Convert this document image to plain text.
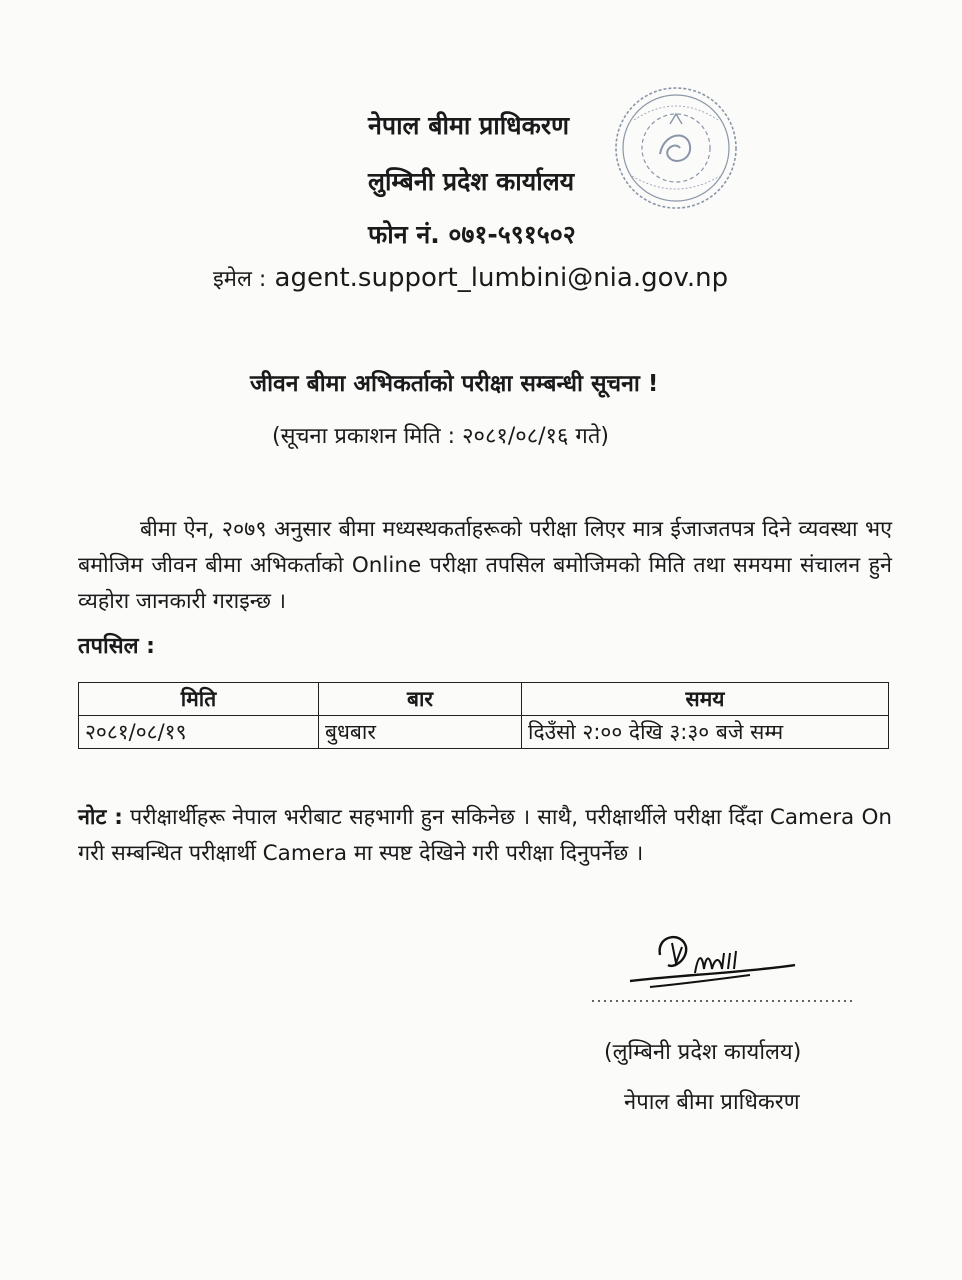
नेपाल बीमा प्राधिकरण
लुम्बिनी प्रदेश कार्यालय
फोन नं. ०७१-५९१५०२
इमेल : agent.support_lumbini@nia.gov.np
जीवन बीमा अभिकर्ताको परीक्षा सम्बन्धी सूचना !
(सूचना प्रकाशन मिति : २०८१/०८/१६ गते)
बीमा ऐन, २०७९ अनुसार बीमा मध्यस्थकर्ताहरूको परीक्षा लिएर मात्र ईजाजतपत्र दिने व्यवस्था भए बमोजिम जीवन बीमा अभिकर्ताको Online परीक्षा तपसिल बमोजिमको मिति तथा समयमा संचालन हुने व्यहोरा जानकारी गराइन्छ ।
तपसिल :
मिति	बार	समय
२०८१/०८/१९	बुधबार	दिउँसो २:०० देखि ३:३० बजे सम्म
नोट : परीक्षार्थीहरू नेपाल भरीबाट सहभागी हुन सकिनेछ । साथै, परीक्षार्थीले परीक्षा दिँदा Camera On गरी सम्बन्धित परीक्षार्थी Camera मा स्पष्ट देखिने गरी परीक्षा दिनुपर्नेछ ।
(लुम्बिनी प्रदेश कार्यालय)
नेपाल बीमा प्राधिकरण
